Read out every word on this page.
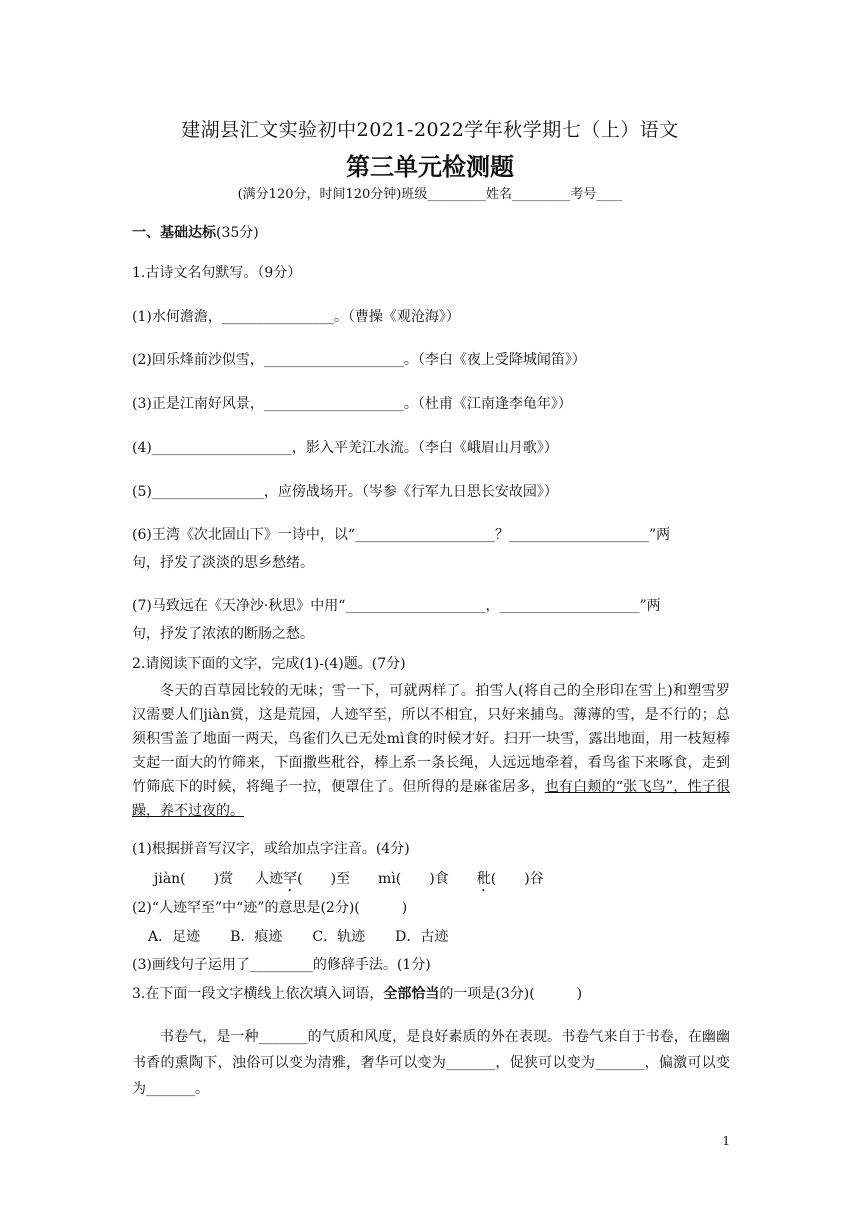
建湖县汇文实验初中2021-2022学年秋学期七（上）语文
第三单元检测题
(满分120分，时间120分钟)班级_________姓名_________考号____
一、基础达标(35分)
1.古诗文名句默写。（9分）
(1)水何澹澹，________________。（曹操《观沧海》）
(2)回乐烽前沙似雪，____________________。（李白《夜上受降城闻笛》）
(3)正是江南好风景，____________________。（杜甫《江南逢李龟年》）
(4)____________________，影入平羌江水流。（李白《峨眉山月歌》）
(5)________________，应傍战场开。（岑参《行军九日思长安故园》）
(6)王湾《次北固山下》一诗中，以“____________________？____________________”两
句，抒发了淡淡的思乡愁绪。
(7)马致远在《天净沙·秋思》中用“____________________，____________________”两
句，抒发了浓浓的断肠之愁。
2.请阅读下面的文字，完成(1)-(4)题。(7分)
冬天的百草园比较的无味；雪一下，可就两样了。拍雪人(将自己的全形印在雪上)和塑雪罗汉需要人们jiàn赏，这是荒园，人迹罕至，所以不相宜，只好来捕鸟。薄薄的雪，是不行的；总须积雪盖了地面一两天，鸟雀们久已无处mì食的时候才好。扫开一块雪，露出地面，用一枝短棒支起一面大的竹筛来，下面撒些秕谷，棒上系一条长绳，人远远地牵着，看鸟雀下来啄食，走到竹筛底下的时候，将绳子一拉，便罩住了。但所得的是麻雀居多，也有白颊的“张飞鸟”，性子很躁，养不过夜的。
(1)根据拼音写汉字，或给加点字注音。(4分)
jiàn(　　)赏 人迹罕(　　)至 mì(　　)食 秕(　　)谷
(2)“人迹罕至”中“迹”的意思是(2分)(　　　)
A．足迹 B．痕迹 C．轨迹 D．古迹
(3)画线句子运用了_________的修辞手法。(1分)
3.在下面一段文字横线上依次填入词语，全部恰当的一项是(3分)(　　　)
书卷气，是一种_______的气质和风度，是良好素质的外在表现。书卷气来自于书卷，在幽幽书香的熏陶下，浊俗可以变为清雅，奢华可以变为_______，促狭可以变为_______，偏激可以变为_______。
1
